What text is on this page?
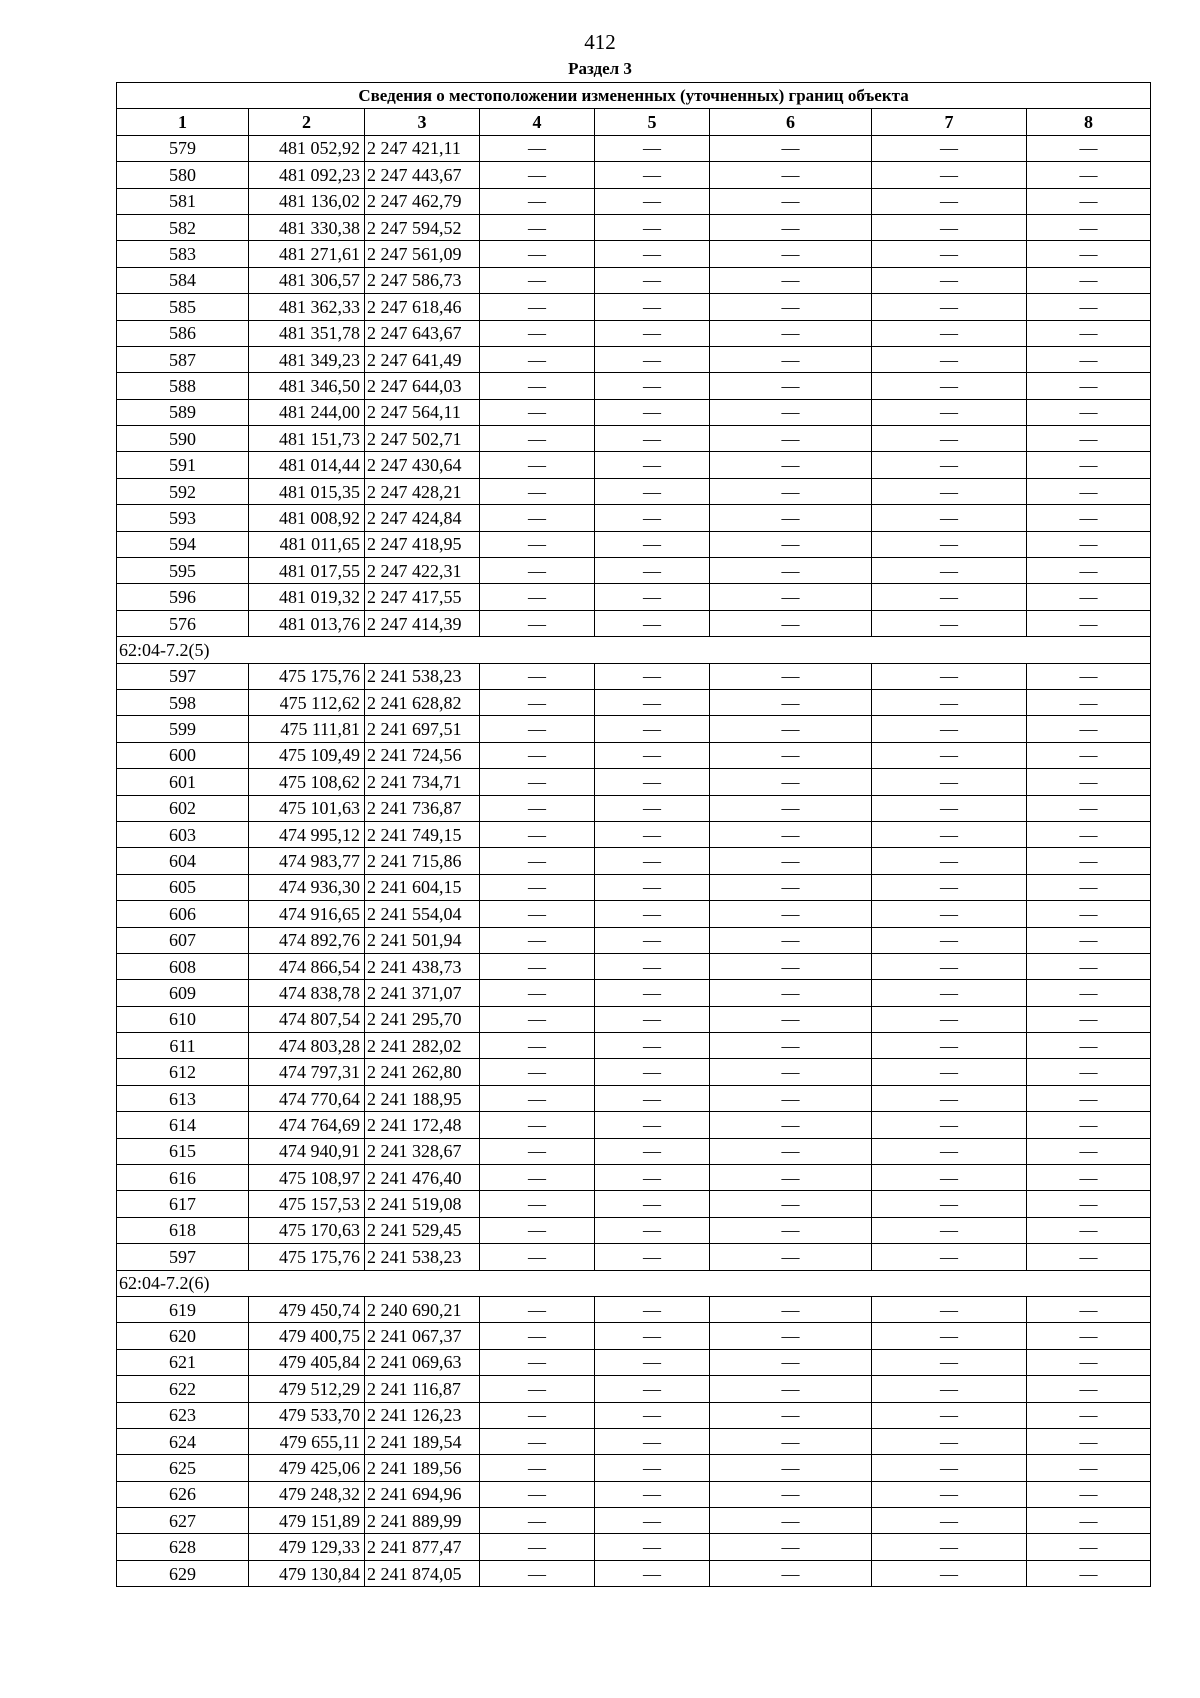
412
Раздел 3
Сведения о местоположении измененных (уточненных) границ объекта							
1	2	3	4	5	6	7	8
579	481 052,92	2 247 421,11	—	—	—	—	—
580	481 092,23	2 247 443,67	—	—	—	—	—
581	481 136,02	2 247 462,79	—	—	—	—	—
582	481 330,38	2 247 594,52	—	—	—	—	—
583	481 271,61	2 247 561,09	—	—	—	—	—
584	481 306,57	2 247 586,73	—	—	—	—	—
585	481 362,33	2 247 618,46	—	—	—	—	—
586	481 351,78	2 247 643,67	—	—	—	—	—
587	481 349,23	2 247 641,49	—	—	—	—	—
588	481 346,50	2 247 644,03	—	—	—	—	—
589	481 244,00	2 247 564,11	—	—	—	—	—
590	481 151,73	2 247 502,71	—	—	—	—	—
591	481 014,44	2 247 430,64	—	—	—	—	—
592	481 015,35	2 247 428,21	—	—	—	—	—
593	481 008,92	2 247 424,84	—	—	—	—	—
594	481 011,65	2 247 418,95	—	—	—	—	—
595	481 017,55	2 247 422,31	—	—	—	—	—
596	481 019,32	2 247 417,55	—	—	—	—	—
576	481 013,76	2 247 414,39	—	—	—	—	—
62:04-7.2(5)							
597	475 175,76	2 241 538,23	—	—	—	—	—
598	475 112,62	2 241 628,82	—	—	—	—	—
599	475 111,81	2 241 697,51	—	—	—	—	—
600	475 109,49	2 241 724,56	—	—	—	—	—
601	475 108,62	2 241 734,71	—	—	—	—	—
602	475 101,63	2 241 736,87	—	—	—	—	—
603	474 995,12	2 241 749,15	—	—	—	—	—
604	474 983,77	2 241 715,86	—	—	—	—	—
605	474 936,30	2 241 604,15	—	—	—	—	—
606	474 916,65	2 241 554,04	—	—	—	—	—
607	474 892,76	2 241 501,94	—	—	—	—	—
608	474 866,54	2 241 438,73	—	—	—	—	—
609	474 838,78	2 241 371,07	—	—	—	—	—
610	474 807,54	2 241 295,70	—	—	—	—	—
611	474 803,28	2 241 282,02	—	—	—	—	—
612	474 797,31	2 241 262,80	—	—	—	—	—
613	474 770,64	2 241 188,95	—	—	—	—	—
614	474 764,69	2 241 172,48	—	—	—	—	—
615	474 940,91	2 241 328,67	—	—	—	—	—
616	475 108,97	2 241 476,40	—	—	—	—	—
617	475 157,53	2 241 519,08	—	—	—	—	—
618	475 170,63	2 241 529,45	—	—	—	—	—
597	475 175,76	2 241 538,23	—	—	—	—	—
62:04-7.2(6)							
619	479 450,74	2 240 690,21	—	—	—	—	—
620	479 400,75	2 241 067,37	—	—	—	—	—
621	479 405,84	2 241 069,63	—	—	—	—	—
622	479 512,29	2 241 116,87	—	—	—	—	—
623	479 533,70	2 241 126,23	—	—	—	—	—
624	479 655,11	2 241 189,54	—	—	—	—	—
625	479 425,06	2 241 189,56	—	—	—	—	—
626	479 248,32	2 241 694,96	—	—	—	—	—
627	479 151,89	2 241 889,99	—	—	—	—	—
628	479 129,33	2 241 877,47	—	—	—	—	—
629	479 130,84	2 241 874,05	—	—	—	—	—
